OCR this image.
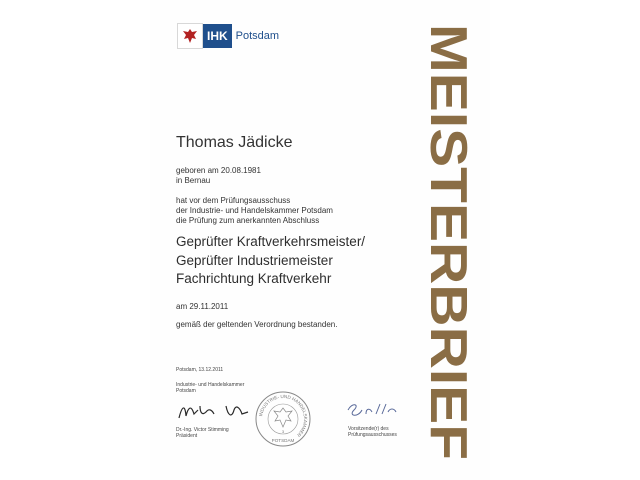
IHK Potsdam
Thomas Jädicke
geboren am 20.08.1981
in Bernau
hat vor dem Prüfungsausschuss
der Industrie- und Handelskammer Potsdam
die Prüfung zum anerkannten Abschluss
Geprüfter Kraftverkehrsmeister/
Geprüfter Industriemeister
Fachrichtung Kraftverkehr
am 29.11.2011
gemäß der geltenden Verordnung bestanden.
Potsdam, 13.12.2011
Industrie- und Handelskammer
Potsdam
Dr.-Ing. Victor Stimming
Präsident
INDUSTRIE- UND HANDELSKAMMER
3
POTSDAM
Vorsitzende(r) des
Prüfungsausschusses
MEISTERBRIEF
